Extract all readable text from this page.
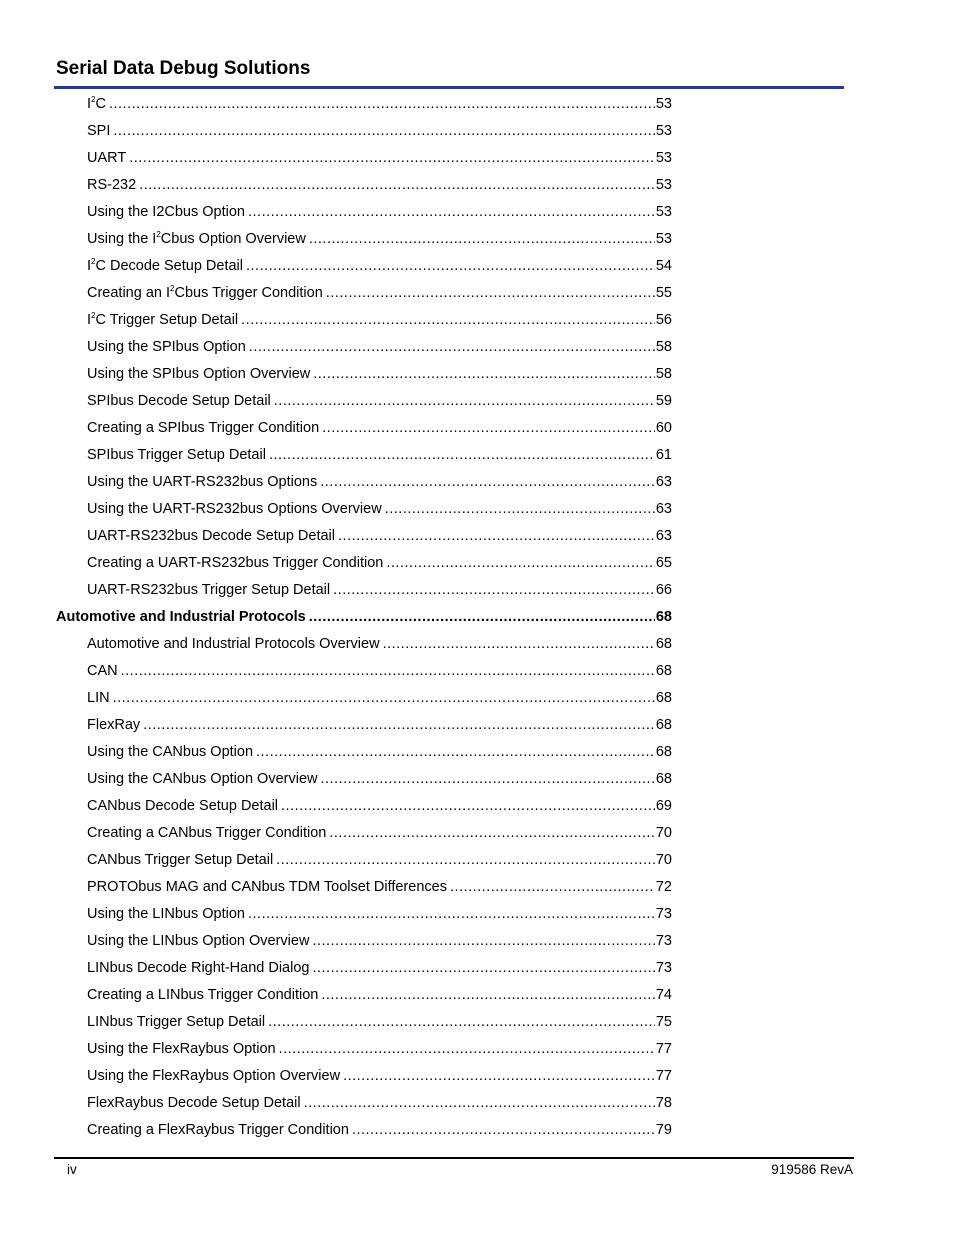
Serial Data Debug Solutions
$I^2C$ .....	53
SPI .....	53
UART .....	53
RS-232 .....	53
Using the I2Cbus Option .....	53
Using the $I^2Cbus$ Option Overview .....	53
$I^2C$ Decode Setup Detail .....	54
Creating an $I^2Cbus$ Trigger Condition .....	55
$I^2C$ Trigger Setup Detail .....	56
Using the SPIbus Option .....	58
Using the SPIbus Option Overview .....	58
SPIbus Decode Setup Detail .....	59
Creating a SPIbus Trigger Condition .....	60
SPIbus Trigger Setup Detail .....	61
Using the UART-RS232bus Options .....	63
Using the UART-RS232bus Options Overview .....	63
UART-RS232bus Decode Setup Detail .....	63
Creating a UART-RS232bus Trigger Condition .....	65
UART-RS232bus Trigger Setup Detail .....	66
Automotive and Industrial Protocols .....	68
Automotive and Industrial Protocols Overview .....	68
CAN .....	68
LIN .....	68
FlexRay .....	68
Using the CANbus Option .....	68
Using the CANbus Option Overview .....	68
CANbus Decode Setup Detail .....	69
Creating a CANbus Trigger Condition .....	70
CANbus Trigger Setup Detail .....	70
PROTObus MAG and CANbus TDM Toolset Differences .....	72
Using the LINbus Option .....	73
Using the LINbus Option Overview .....	73
LINbus Decode Right-Hand Dialog .....	73
Creating a LINbus Trigger Condition .....	74
LINbus Trigger Setup Detail .....	75
Using the FlexRaybus Option .....	77
Using the FlexRaybus Option Overview .....	77
FlexRaybus Decode Setup Detail .....	78
Creating a FlexRaybus Trigger Condition .....	79
iv	919586 RevA
